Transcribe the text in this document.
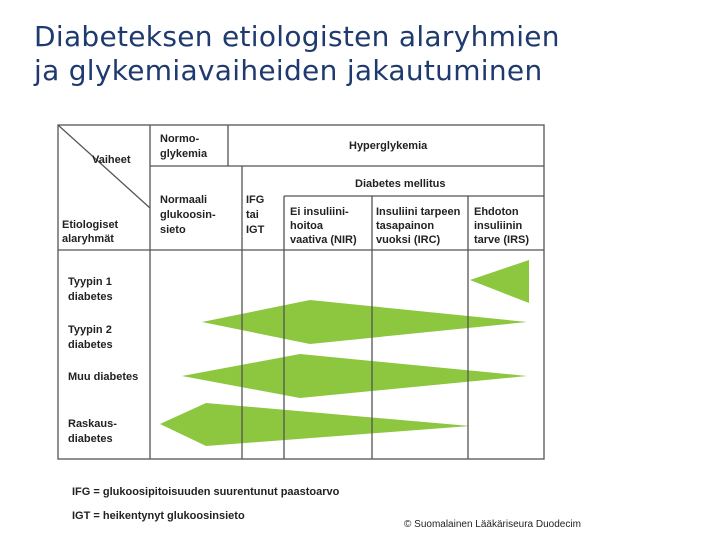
Diabeteksen etiologisten alaryhmien
ja glykemiavaiheiden jakautuminen
Vaiheet
Etiologiset
alaryhmät
Normo-
glykemia
Hyperglykemia
Diabetes mellitus
Normaali
glukoosin-
sieto
IFG
tai
IGT
Ei insuliini-
hoitoa
vaativa (NIR)
Insuliini tarpeen
tasapainon
vuoksi (IRC)
Ehdoton
insuliinin
tarve (IRS)
Tyypin 1
diabetes
Tyypin 2
diabetes
Muu diabetes
Raskaus-
diabetes
IFG = glukoosipitoisuuden suurentunut paastoarvo
IGT = heikentynyt glukoosinsieto
© Suomalainen Lääkäriseura Duodecim
